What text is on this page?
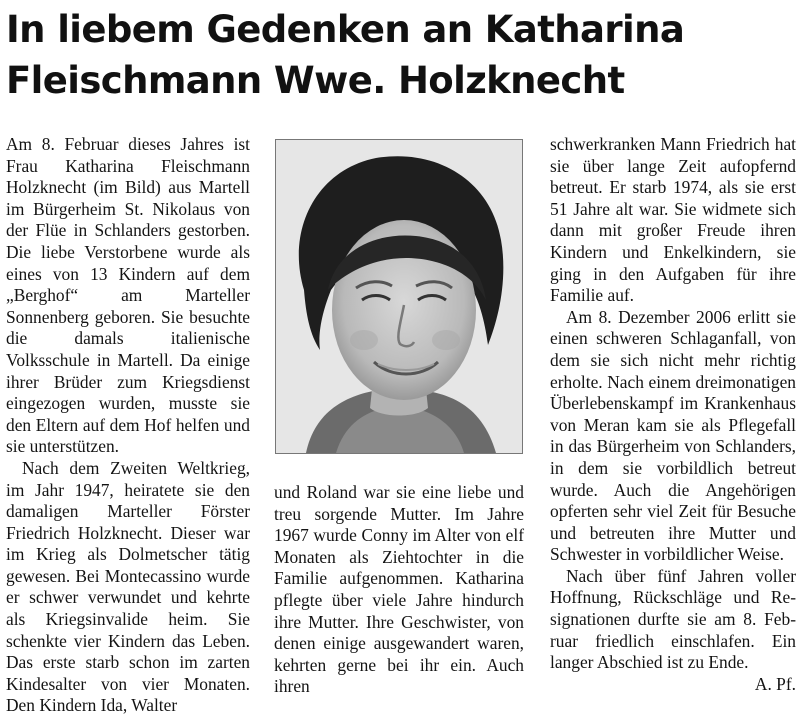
In liebem Gedenken an Katharina
Fleischmann Wwe. Holzknecht

Am 8. Februar dieses Jahres ist Frau Katharina Fleischmann Holzknecht (im Bild) aus Martell im Bürgerheim St. Nikolaus von der Flüe in Schlanders gestorben. Die liebe Verstorbene wurde als eines von 13 Kindern auf dem „Berghof“ am Marteller Sonnenberg geboren. Sie besuchte die damals italienische Volksschule in Martell. Da einige ihrer Brüder zum Kriegsdienst eingezogen wurden, musste sie den Eltern auf dem Hof helfen und sie unterstützen.

Nach dem Zweiten Weltkrieg, im Jahr 1947, heiratete sie den damaligen Marteller Förster Friedrich Holzknecht. Dieser war im Krieg als Dolmetscher tätig gewesen. Bei Montecassino wurde er schwer verwundet und kehrte als Kriegsinvalide heim. Sie schenkte vier Kindern das Leben. Das erste starb schon im zarten Kindesalter von vier Monaten. Den Kindern Ida, Walter

und Roland war sie eine liebe und treu sorgende Mutter. Im Jahre 1967 wurde Conny im Alter von elf Monaten als Ziehtochter in die Familie aufgenommen. Katharina pflegte über viele Jahre hindurch ihre Mutter. Ihre Geschwister, von denen einige ausgewandert waren, kehrten gerne bei ihr ein. Auch ihren

schwerkranken Mann Friedrich hat sie über lange Zeit aufopfernd betreut. Er starb 1974, als sie erst 51 Jahre alt war. Sie widmete sich dann mit großer Freude ihren Kindern und Enkelkindern, sie ging in den Aufgaben für ihre Familie auf.

Am 8. Dezember 2006 erlitt sie einen schweren Schlaganfall, von dem sie sich nicht mehr richtig erholte. Nach einem dreimonatigen Überlebenskampf im Krankenhaus von Meran kam sie als Pflegefall in das Bürgerheim von Schlanders, in dem sie vorbildlich betreut wurde. Auch die Angehörigen opferten sehr viel Zeit für Besuche und betreuten ihre Mutter und Schwester in vorbildlicher Weise.

Nach über fünf Jahren voller Hoffnung, Rückschläge und Resignationen durfte sie am 8. Februar friedlich einschlafen. Ein langer Abschied ist zu Ende.

A. Pf.
